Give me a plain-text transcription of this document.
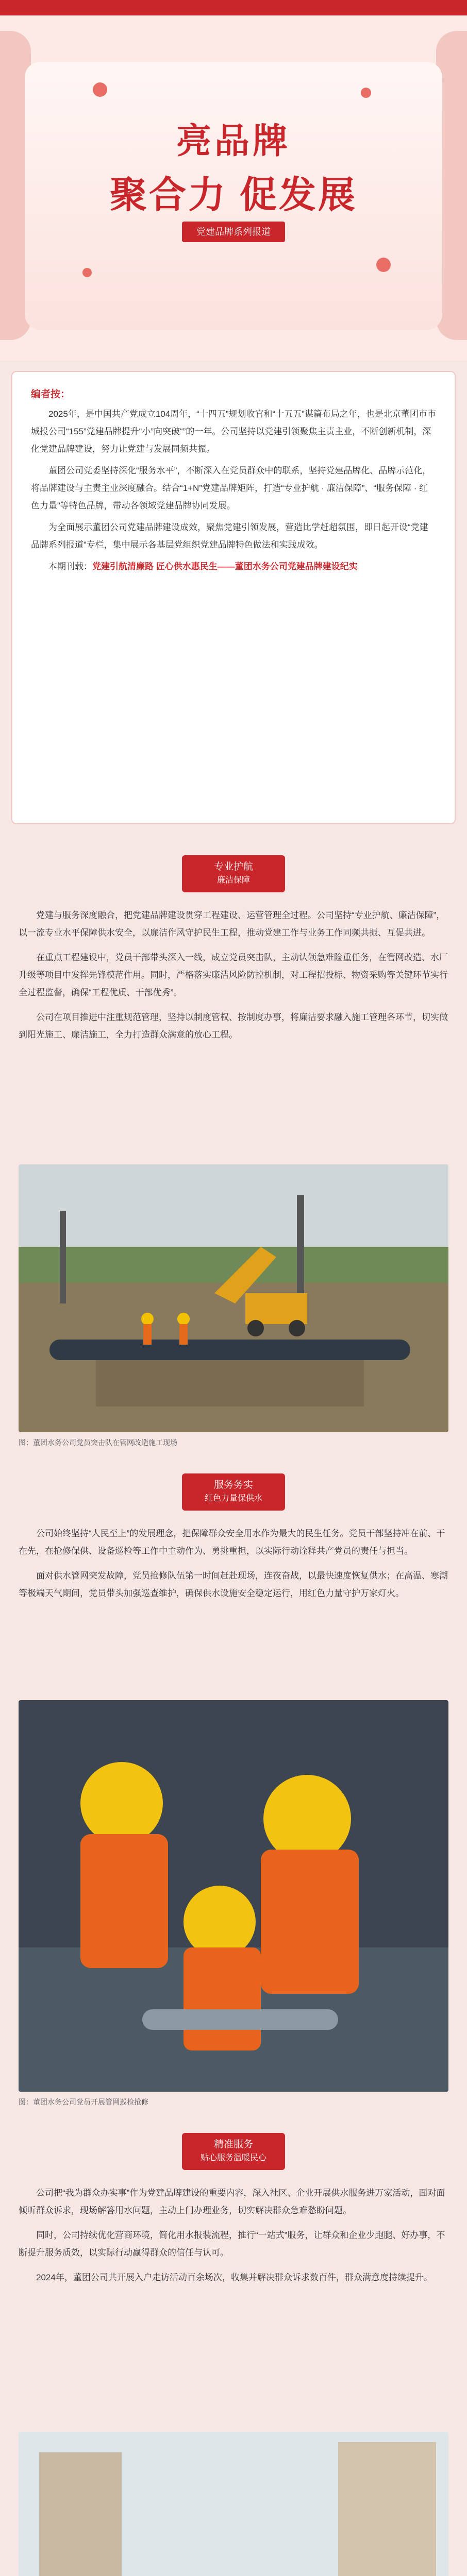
亮品牌
聚合力 促发展
党建品牌系列报道
编者按：

2025年，是中国共产党成立104周年，“十四五”规划收官和“十五五”谋篇布局之年，也是北京董团市市城投公司“155”党建品牌提升“小”向突破“”的一年。公司坚持以党建引领聚焦主责主业，不断创新机制，深化党建品牌建设，努力让党建与发展同频共振。

董团公司党委坚持深化“服务水平”，不断深入在党员群众中的联系，坚持党建品牌化、品牌示范化，将品牌建设与主责主业深度融合。结合“1+N”党建品牌矩阵，打造“专业护航 · 廉洁保障”、“服务保障 · 红色力量”等特色品牌，带动各领域党建品牌协同发展。

为全面展示董团公司党建品牌建设成效，聚焦党建引领发展，营造比学赶超氛围，即日起开设“党建品牌系列报道”专栏，集中展示各基层党组织党建品牌特色做法和实践成效。

本期刊载：党建引航清廉路 匠心供水惠民生——董团水务公司党建品牌建设纪实

专业护航
廉洁保障

党建与服务深度融合，把党建品牌建设贯穿工程建设、运营管理全过程。公司坚持“专业护航、廉洁保障”，以一流专业水平保障供水安全，以廉洁作风守护民生工程，推动党建工作与业务工作同频共振、互促共进。

在重点工程建设中，党员干部带头深入一线，成立党员突击队，主动认领急难险重任务，在管网改造、水厂升级等项目中发挥先锋模范作用。同时，严格落实廉洁风险防控机制，对工程招投标、物资采购等关键环节实行全过程监督，确保“工程优质、干部优秀”。

公司在项目推进中注重规范管理，坚持以制度管权、按制度办事，将廉洁要求融入施工管理各环节，切实做到阳光施工、廉洁施工，全力打造群众满意的放心工程。

图：董团水务公司党员突击队在管网改造施工现场
服务务实
红色力量保供水

公司始终坚持“人民至上”的发展理念，把保障群众安全用水作为最大的民生任务。党员干部坚持冲在前、干在先，在抢修保供、设备巡检等工作中主动作为、勇挑重担，以实际行动诠释共产党员的责任与担当。

面对供水管网突发故障，党员抢修队伍第一时间赶赴现场，连夜奋战，以最快速度恢复供水；在高温、寒潮等极端天气期间，党员带头加强巡查维护，确保供水设施安全稳定运行，用红色力量守护万家灯火。

图：董团水务公司党员开展管网巡检抢修
精准服务
贴心服务温暖民心

公司把“我为群众办实事”作为党建品牌建设的重要内容，深入社区、企业开展供水服务进万家活动，面对面倾听群众诉求，现场解答用水问题，主动上门办理业务，切实解决群众急难愁盼问题。

同时，公司持续优化营商环境，简化用水报装流程，推行“一站式”服务，让群众和企业少跑腿、好办事，不断提升服务质效，以实际行动赢得群众的信任与认可。

2024年，董团公司共开展入户走访活动百余场次，收集并解决群众诉求数百件，群众满意度持续提升。
